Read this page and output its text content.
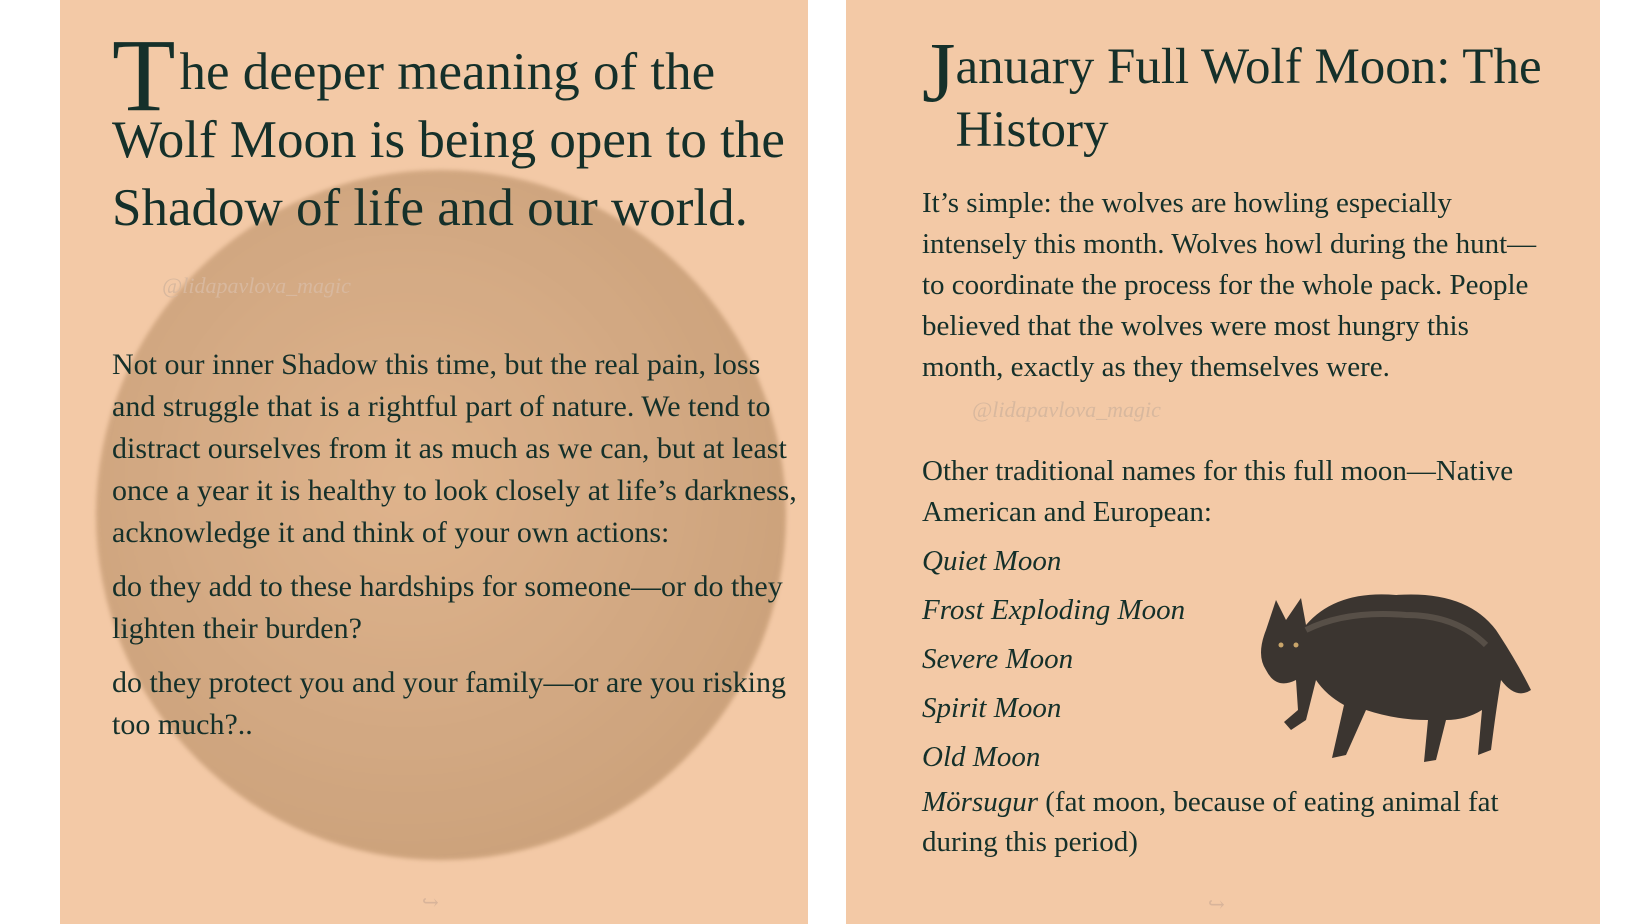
The deeper meaning of the Wolf Moon is being open to the Shadow of life and our world.@lidapavlova_magic

Not our inner Shadow this time, but the real pain, loss and struggle that is a rightful part of nature. We tend to distract ourselves from it as much as we can, but at least once a year it is healthy to look closely at life’s darkness, acknowledge it and think of your own actions:

do they add to these hardships for someone—or do they lighten their burden?

do they protect you and your family—or are you risking too much?..

↪
January Full Wolf Moon: The History

It’s simple: the wolves are howling especially intensely this month. Wolves howl during the hunt—to coordinate the process for the whole pack. People believed that the wolves were most hungry this month, exactly as they themselves were.@lidapavlova_magic

Other traditional names for this full moon—Native American and European:

Quiet Moon
Frost Exploding Moon
Severe Moon
Spirit Moon
Old Moon

Mörsugur (fat moon, because of eating animal fat during this period)

↪
